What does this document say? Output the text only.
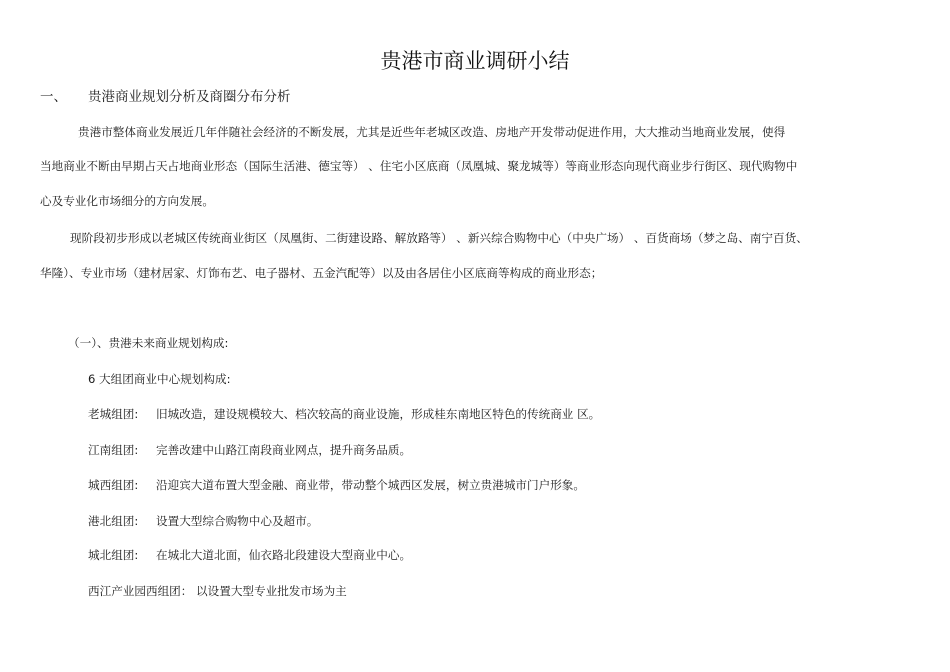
贵港市商业调研小结
一、 贵港商业规划分析及商圈分布分析
贵港市整体商业发展近几年伴随社会经济的不断发展，尤其是近些年老城区改造、房地产开发带动促进作用，大大推动当地商业发展，使得
当地商业不断由早期占天占地商业形态（国际生活港、德宝等） 、住宅小区底商（凤凰城、聚龙城等）等商业形态向现代商业步行街区、现代购物中
心及专业化市场细分的方向发展。
现阶段初步形成以老城区传统商业街区（凤凰街、二街建设路、解放路等） 、新兴综合购物中心（中央广场） 、百货商场（梦之岛、南宁百货、
华隆）、专业市场（建材居家、灯饰布艺、电子器材、五金汽配等）以及由各居住小区底商等构成的商业形态；
（一）、贵港未来商业规划构成:
6 大组团商业中心规划构成:
老城组团: 旧城改造，建设规模较大、档次较高的商业设施，形成桂东南地区特色的传统商业 区。
江南组团: 完善改建中山路江南段商业网点，提升商务品质。
城西组团: 沿迎宾大道布置大型金融、商业带，带动整个城西区发展，树立贵港城市门户形象。
港北组团: 设置大型综合购物中心及超市。
城北组团: 在城北大道北面，仙衣路北段建设大型商业中心。
西江产业园西组团： 以设置大型专业批发市场为主
